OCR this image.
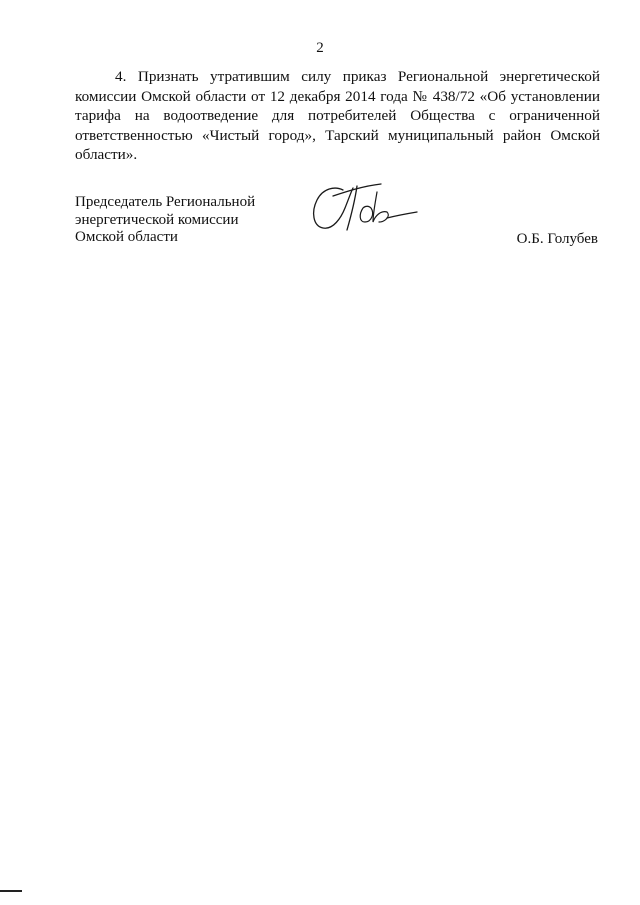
2

4. Признать утратившим силу приказ Региональной энергетической комиссии Омской области от 12 декабря 2014 года № 438/72 «Об установлении тарифа на водоотведение для потребителей Общества с ограниченной ответственностью «Чистый город», Тарский муниципальный район Омской области».

Председатель Региональной
энергетической комиссии
Омской области	О.Б. Голубев
